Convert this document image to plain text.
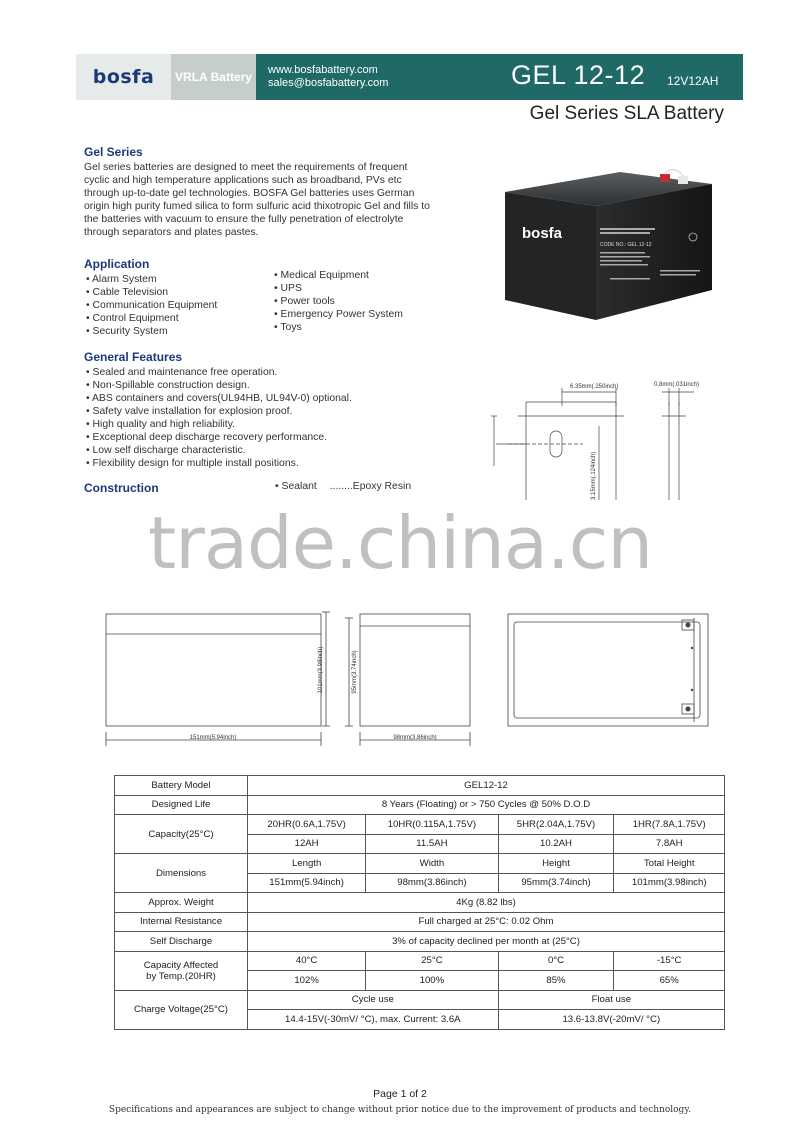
bosfa VRLA Battery www.bosfabattery.com
sales@bosfabattery.com	GEL 12-12 12V12AH
Gel Series SLA Battery
Gel Series

Gel series batteries are designed to meet the requirements of frequent cyclic and high temperature applications such as broadband, PVs etc through up-to-date gel technologies. BOSFA Gel batteries uses German origin high purity fumed silica to form sulfuric acid thixotropic Gel and fills to the batteries with vacuum to ensure the fully penetration of electrolyte through separators and plates pastes.	bosfa
CODE NO.: GEL 12-12
Application
• Alarm System
• Cable Television
• Communication Equipment
• Control Equipment
• Security System
• Medical Equipment
• UPS
• Power tools
• Emergency Power System
• Toys
General Features
• Sealed and maintenance free operation.
• Non-Spillable construction design.
• ABS containers and covers(UL94HB, UL94V-0) optional.
• Safety valve installation for explosion proof.
• High quality and high reliability.
• Exceptional deep discharge recovery performance.
• Low self discharge characteristic.
• Flexibility design for multiple install positions.
Construction	• Sealant ........Epoxy Resin
6.35mm(.250inch)	0.8mm(.031inch)
3.15mm(.124inch)
trade.china.cn
151mm(5.94inch)
101mm(3.98inch)	95mm(3.74inch)
98mm(3.86inch)
Battery Model	GEL12-12			
Designed Life	8 Years (Floating) or > 750 Cycles @ 50% D.O.D			
Capacity(25°C)	20HR(0.6A,1.75V)	10HR(0.115A,1.75V)	5HR(2.04A,1.75V)	1HR(7.8A,1.75V)
	12AH	11.5AH	10.2AH	7.8AH
Dimensions	Length	Width	Height	Total Height
	151mm(5.94inch)	98mm(3.86inch)	95mm(3.74inch)	101mm(3.98inch)
Approx. Weight	4Kg (8.82 lbs)			
Internal Resistance	Full charged at 25°C: 0.02 Ohm			
Self Discharge	3% of capacity declined per month at (25°C)			

Capacity Affected
by Temp.(20HR)	40°C	25°C	0°C	-15°C
	102%	100%	85%	65%
Charge Voltage(25°C)	Cycle use		Float use	
	14.4-15V(-30mV/ °C), max. Current: 3.6A		13.6-13.8V(-20mV/ °C)	
Page 1 of 2
Specifications and appearances are subject to change without prior notice due to the improvement of products and technology.
